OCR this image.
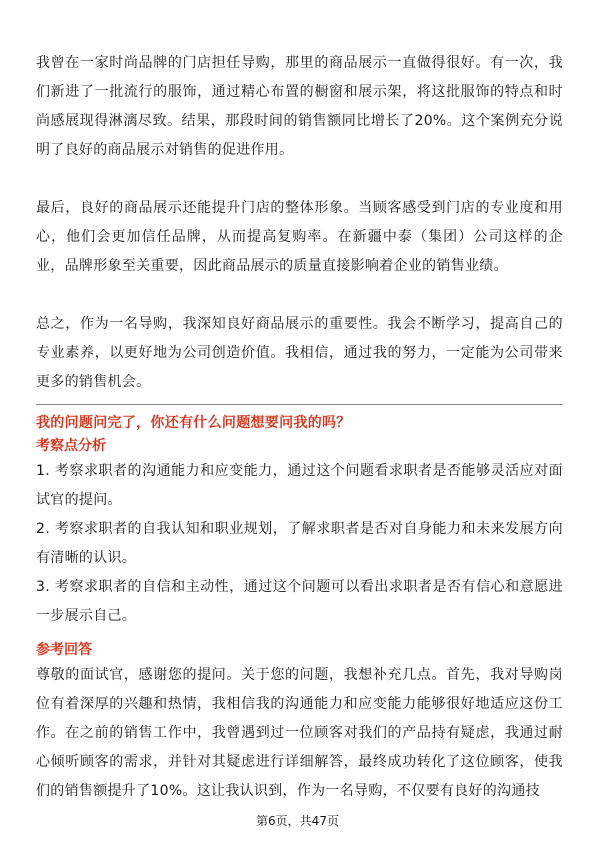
我曾在一家时尚品牌的门店担任导购，那里的商品展示一直做得很好。有一次，我们新进了一批流行的服饰，通过精心布置的橱窗和展示架，将这批服饰的特点和时尚感展现得淋漓尽致。结果，那段时间的销售额同比增长了20%。这个案例充分说明了良好的商品展示对销售的促进作用。

最后，良好的商品展示还能提升门店的整体形象。当顾客感受到门店的专业度和用心，他们会更加信任品牌，从而提高复购率。在新疆中泰（集团）公司这样的企业，品牌形象至关重要，因此商品展示的质量直接影响着企业的销售业绩。

总之，作为一名导购，我深知良好商品展示的重要性。我会不断学习，提高自己的专业素养，以更好地为公司创造价值。我相信，通过我的努力，一定能为公司带来更多的销售机会。

我的问题问完了，你还有什么问题想要问我的吗？

考察点分析

1. 考察求职者的沟通能力和应变能力，通过这个问题看求职者是否能够灵活应对面试官的提问。

2. 考察求职者的自我认知和职业规划，了解求职者是否对自身能力和未来发展方向有清晰的认识。

3. 考察求职者的自信和主动性，通过这个问题可以看出求职者是否有信心和意愿进一步展示自己。

参考回答

尊敬的面试官，感谢您的提问。关于您的问题，我想补充几点。首先，我对导购岗位有着深厚的兴趣和热情，我相信我的沟通能力和应变能力能够很好地适应这份工作。在之前的销售工作中，我曾遇到过一位顾客对我们的产品持有疑虑，我通过耐心倾听顾客的需求，并针对其疑虑进行详细解答，最终成功转化了这位顾客，使我们的销售额提升了10%。这让我认识到，作为一名导购，不仅要有良好的沟通技

第6页，共47页
